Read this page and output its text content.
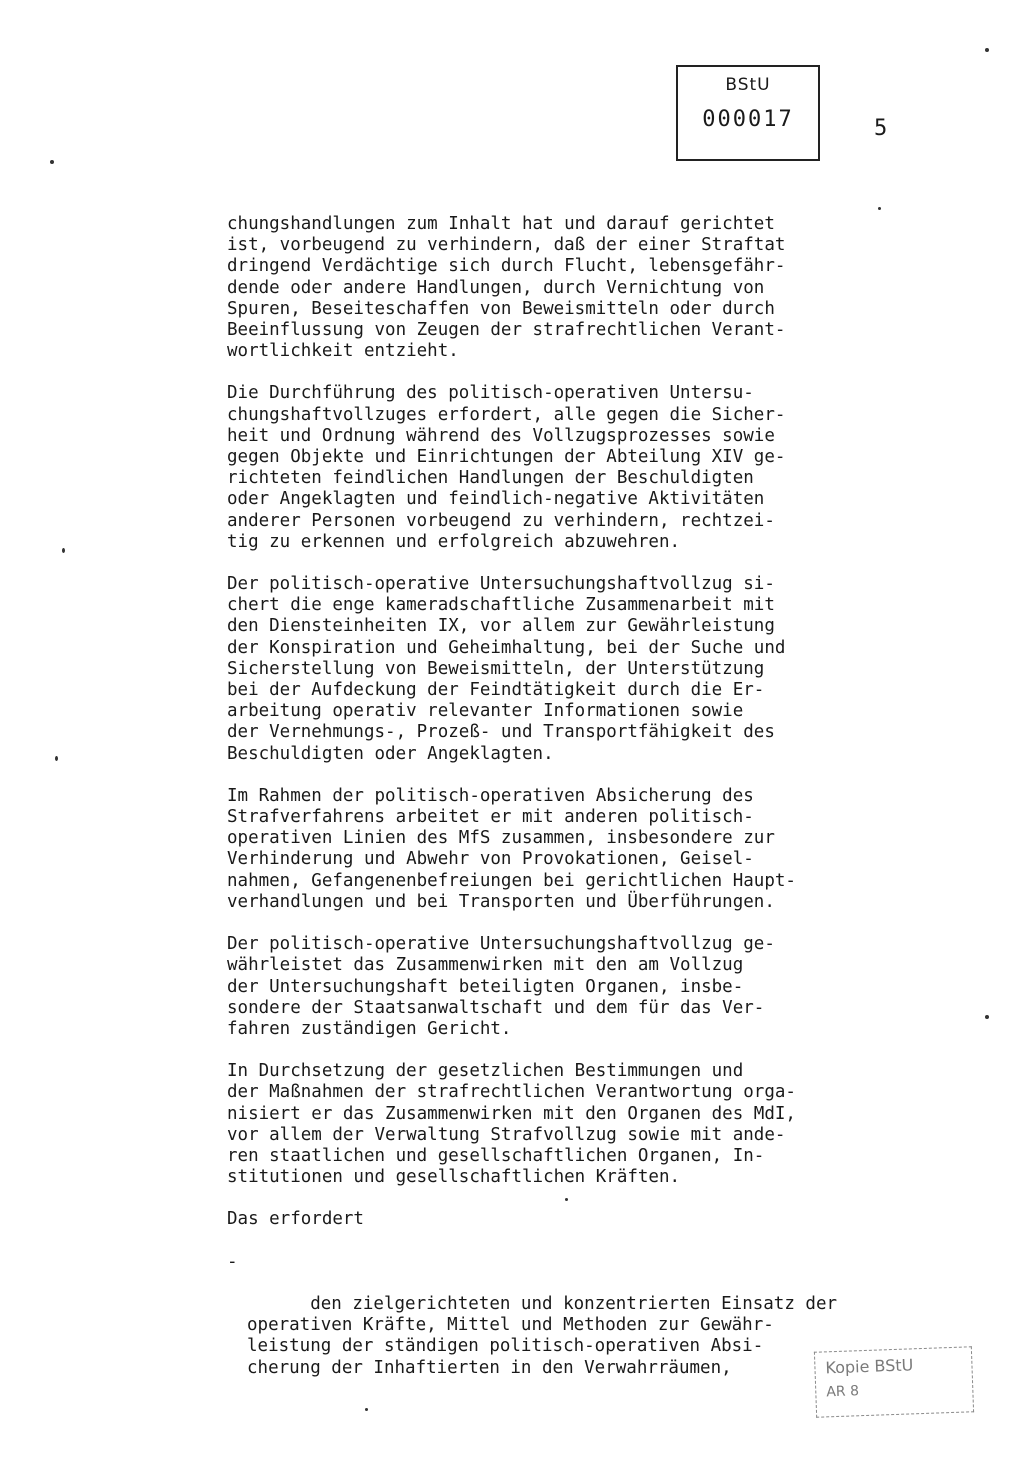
BStU
000017	5

chungshandlungen zum Inhalt hat und darauf gerichtet
ist, vorbeugend zu verhindern, daß der einer Straftat
dringend Verdächtige sich durch Flucht, lebensgefähr-
dende oder andere Handlungen, durch Vernichtung von
Spuren, Beseiteschaffen von Beweismitteln oder durch
Beeinflussung von Zeugen der strafrechtlichen Verant-
wortlichkeit entzieht.

Die Durchführung des politisch-operativen Untersu-
chungshaftvollzuges erfordert, alle gegen die Sicher-
heit und Ordnung während des Vollzugsprozesses sowie
gegen Objekte und Einrichtungen der Abteilung XIV ge-
richteten feindlichen Handlungen der Beschuldigten
oder Angeklagten und feindlich-negative Aktivitäten
anderer Personen vorbeugend zu verhindern, rechtzei-
tig zu erkennen und erfolgreich abzuwehren.

Der politisch-operative Untersuchungshaftvollzug si-
chert die enge kameradschaftliche Zusammenarbeit mit
den Diensteinheiten IX, vor allem zur Gewährleistung
der Konspiration und Geheimhaltung, bei der Suche und
Sicherstellung von Beweismitteln, der Unterstützung
bei der Aufdeckung der Feindtätigkeit durch die Er-
arbeitung operativ relevanter Informationen sowie
der Vernehmungs-, Prozeß- und Transportfähigkeit des
Beschuldigten oder Angeklagten.

Im Rahmen der politisch-operativen Absicherung des
Strafverfahrens arbeitet er mit anderen politisch-
operativen Linien des MfS zusammen, insbesondere zur
Verhinderung und Abwehr von Provokationen, Geisel-
nahmen, Gefangenenbefreiungen bei gerichtlichen Haupt-
verhandlungen und bei Transporten und Überführungen.

Der politisch-operative Untersuchungshaftvollzug ge-
währleistet das Zusammenwirken mit den am Vollzug
der Untersuchungshaft beteiligten Organen, insbe-
sondere der Staatsanwaltschaft und dem für das Ver-
fahren zuständigen Gericht.

In Durchsetzung der gesetzlichen Bestimmungen und
der Maßnahmen der strafrechtlichen Verantwortung orga-
nisiert er das Zusammenwirken mit den Organen des MdI,
vor allem der Verwaltung Strafvollzug sowie mit ande-
ren staatlichen und gesellschaftlichen Organen, In-
stitutionen und gesellschaftlichen Kräften.

Das erfordert

-

den zielgerichteten und konzentrierten Einsatz der
operativen Kräfte, Mittel und Methoden zur Gewähr-
leistung der ständigen politisch-operativen Absi-
cherung der Inhaftierten in den Verwahrräumen,
	Kopie BStU
AR 8
